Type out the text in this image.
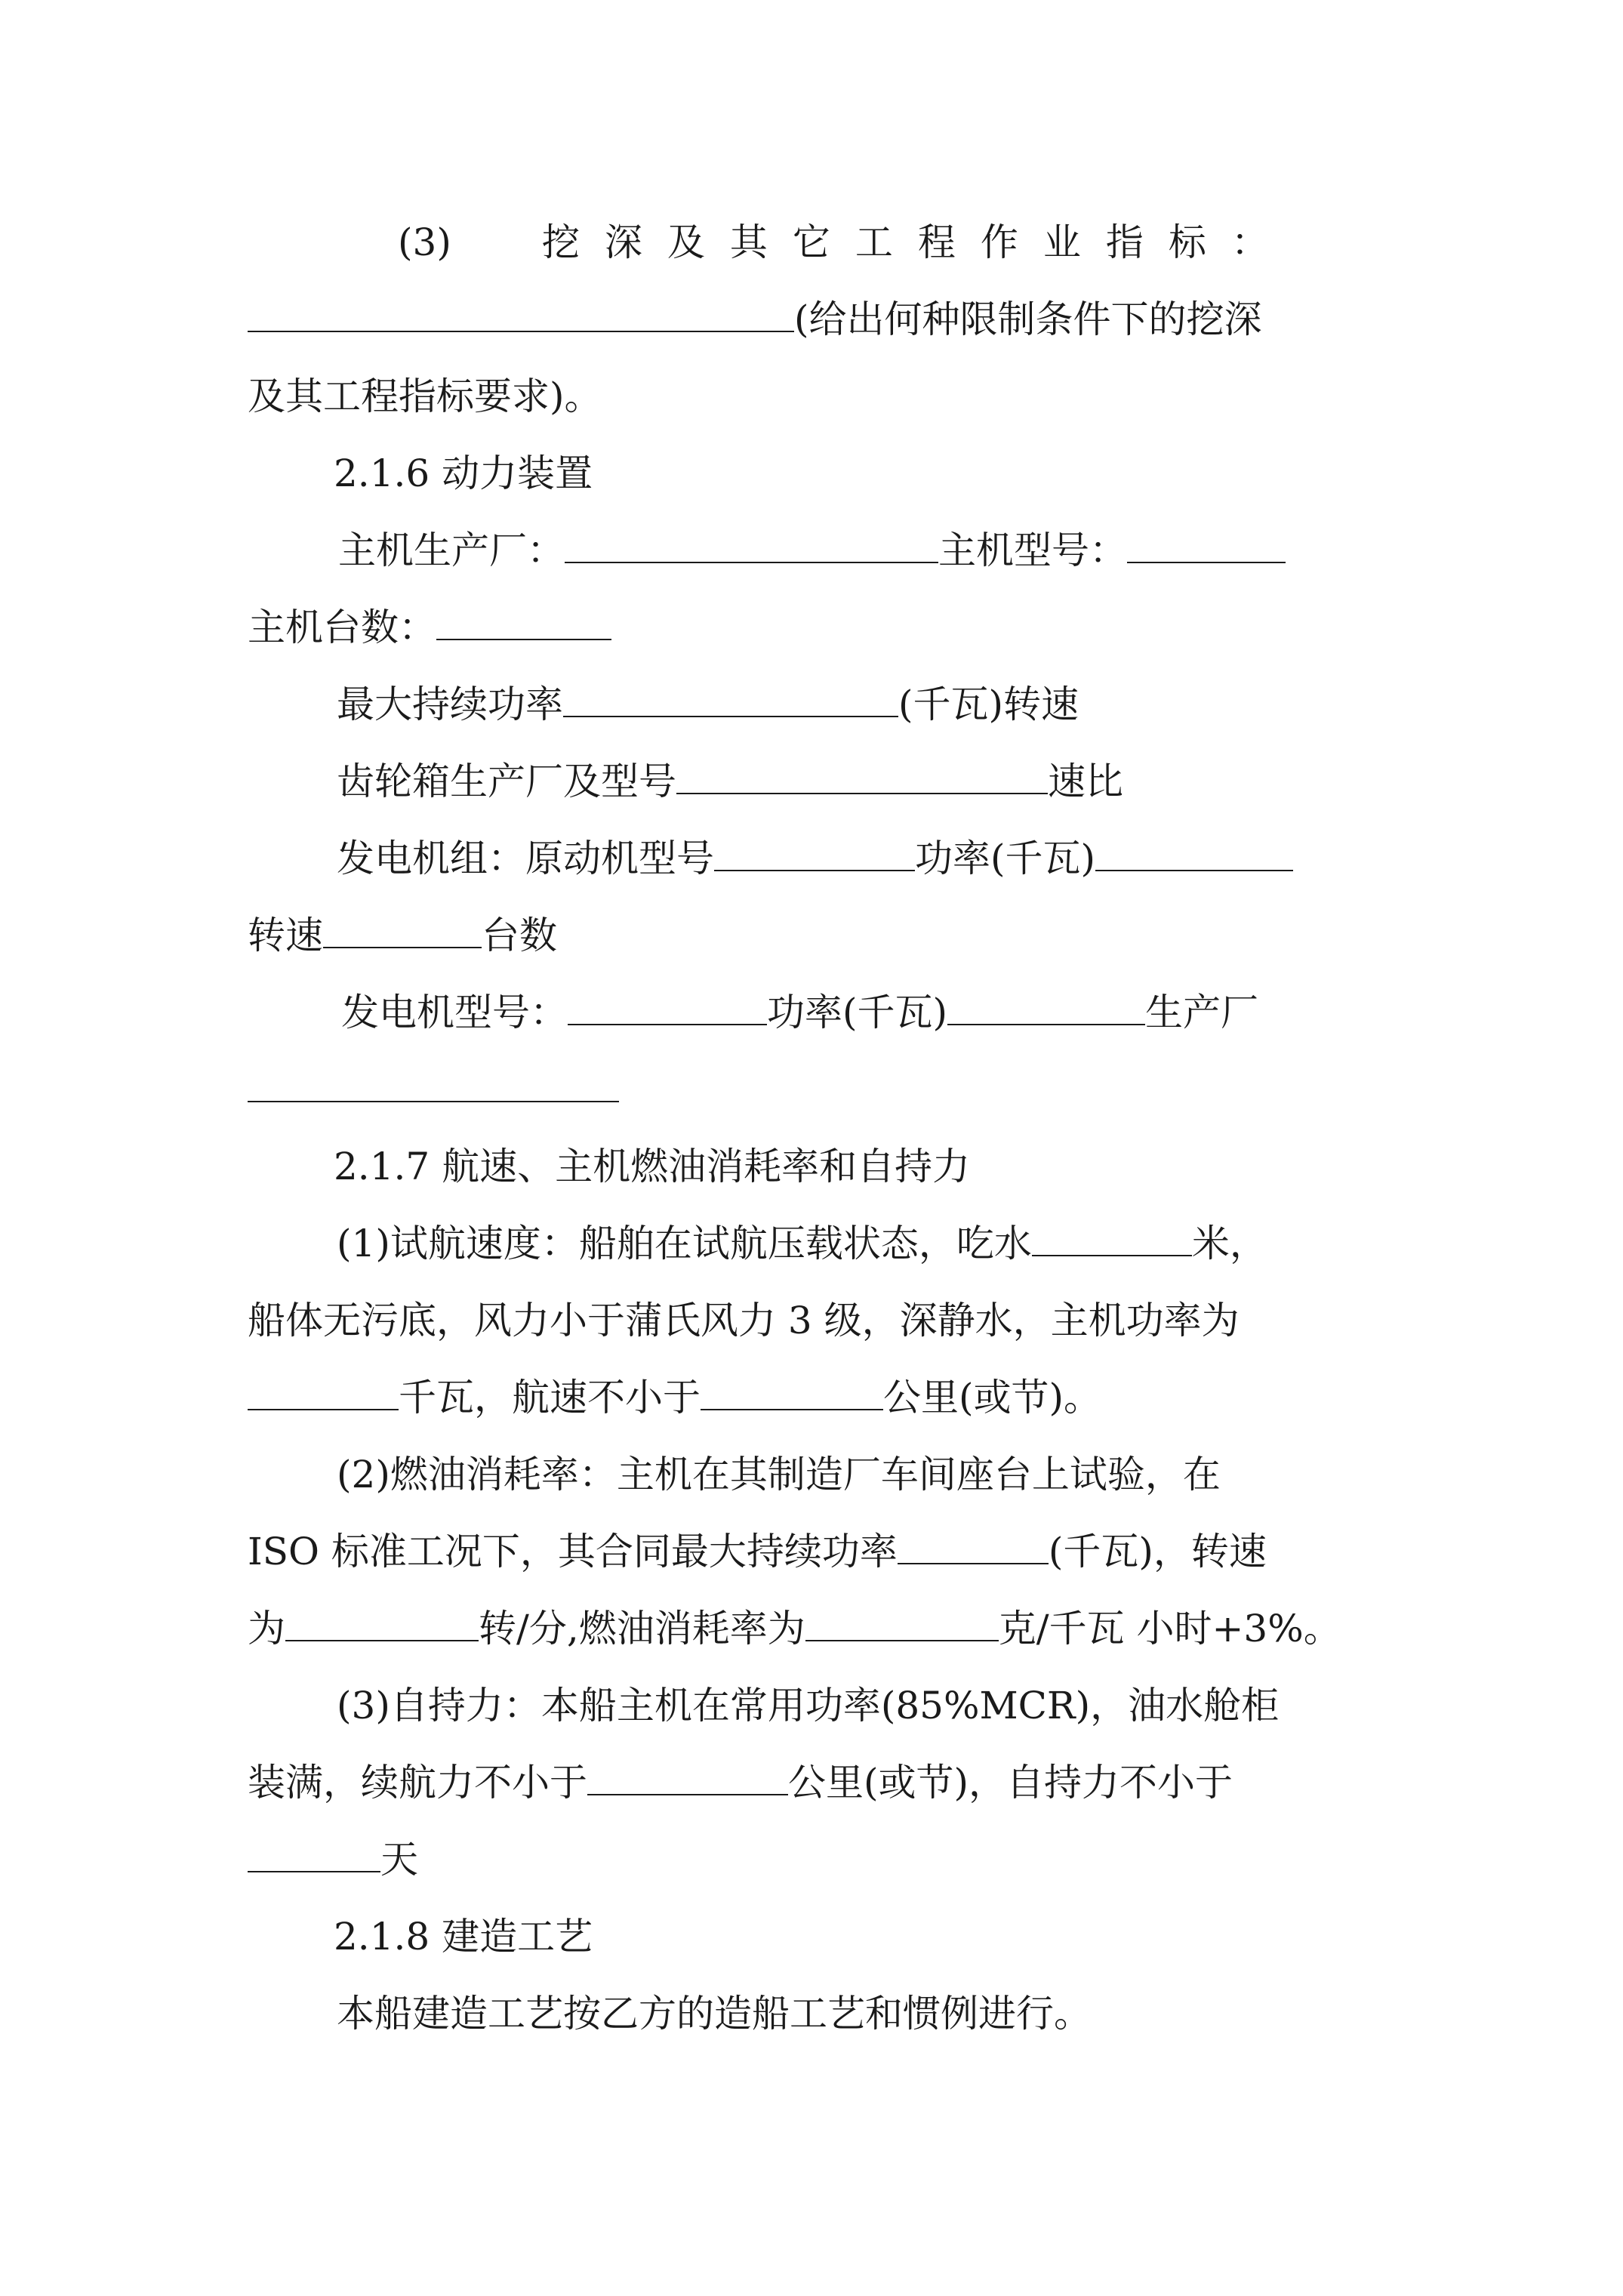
(3) 挖深及其它工程作业指标：
(给出何种限制条件下的挖深
及其工程指标要求)。
2.1.6 动力装置
主机生产厂：	主机型号：
主机台数：
最大持续功率	(千瓦)转速
齿轮箱生产厂及型号	速比
发电机组：原动机型号	功率(千瓦)
转速	台数
发电机型号：	功率(千瓦)	生产厂
2.1.7 航速、主机燃油消耗率和自持力
(1)试航速度：船舶在试航压载状态，吃水	米，
船体无污底，风力小于蒲氏风力 3 级，深静水，主机功率为
千瓦，航速不小于	公里(或节)。
(2)燃油消耗率：主机在其制造厂车间座台上试验，在
ISO 标准工况下，其合同最大持续功率	(千瓦)，转速
为	转/分,燃油消耗率为	克/千瓦 小时+3%。
(3)自持力：本船主机在常用功率(85%MCR)，油水舱柜
装满，续航力不小于	公里(或节)，自持力不小于
天
2.1.8 建造工艺
本船建造工艺按乙方的造船工艺和惯例进行。
